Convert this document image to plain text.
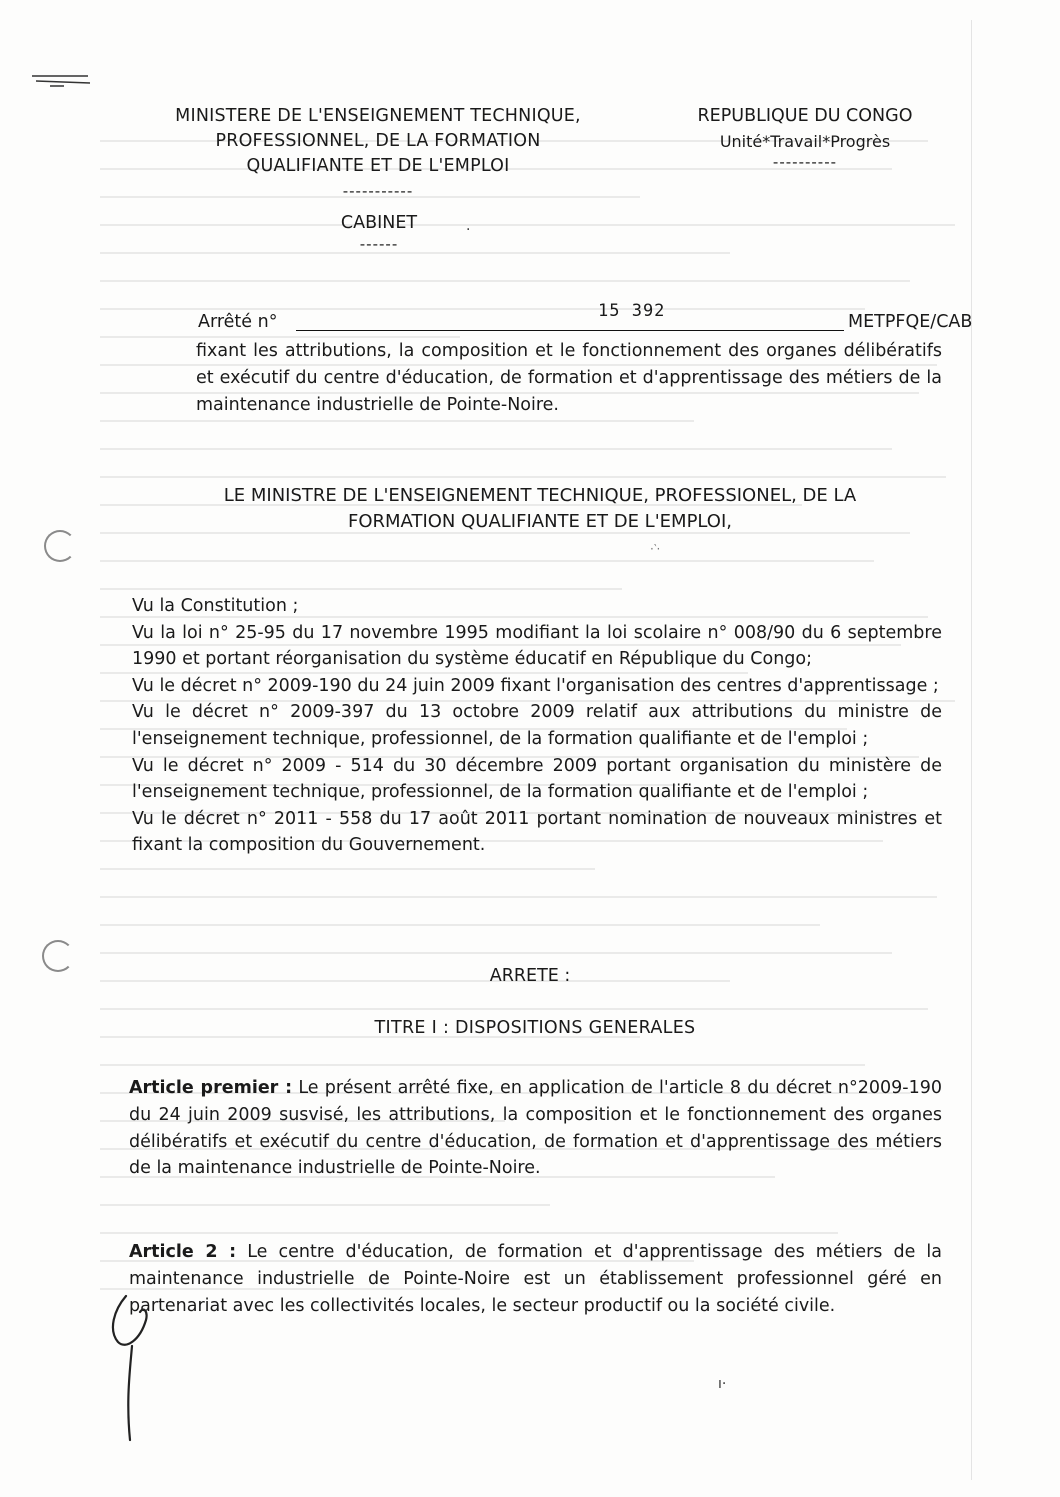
MINISTERE DE L'ENSEIGNEMENT TECHNIQUE,
PROFESSIONNEL, DE LA FORMATION
QUALIFIANTE ET DE L'EMPLOI
-----------
REPUBLIQUE DU CONGO
Unité*Travail*Progrès
----------
CABINET
------
·
Arrêté n°
15 392
METPFQE/CAB
fixant les attributions, la composition et le fonctionnement des organes délibératifs et exécutif du centre d'éducation, de formation et d'apprentissage des métiers de la maintenance industrielle de Pointe-Noire.
LE MINISTRE DE L'ENSEIGNEMENT TECHNIQUE, PROFESSIONEL, DE LA
FORMATION QUALIFIANTE ET DE L'EMPLOI,
·‵·

Vu la Constitution ;

Vu la loi n° 25-95 du 17 novembre 1995 modifiant la loi scolaire n° 008/90 du 6 septembre 1990 et portant réorganisation du système éducatif en République du Congo;

Vu le décret n° 2009-190 du 24 juin 2009 fixant l'organisation des centres d'apprentissage ;

Vu le décret n° 2009-397 du 13 octobre 2009 relatif aux attributions du ministre de l'enseignement technique, professionnel, de la formation qualifiante et de l'emploi ;

Vu le décret n° 2009 - 514 du 30 décembre 2009 portant organisation du ministère de l'enseignement technique, professionnel, de la formation qualifiante et de l'emploi ;

Vu le décret n° 2011 - 558 du 17 août 2011 portant nomination de nouveaux ministres et fixant la composition du Gouvernement.

ARRETE :
TITRE I : DISPOSITIONS GENERALES
Article premier : Le présent arrêté fixe, en application de l'article 8 du décret n°2009-190 du 24 juin 2009 susvisé, les attributions, la composition et le fonctionnement des organes délibératifs et exécutif du centre d'éducation, de formation et d'apprentissage des métiers de la maintenance industrielle de Pointe-Noire.
Article 2 : Le centre d'éducation, de formation et d'apprentissage des métiers de la maintenance industrielle de Pointe-Noire est un établissement professionnel géré en partenariat avec les collectivités locales, le secteur productif ou la société civile.
ı·
